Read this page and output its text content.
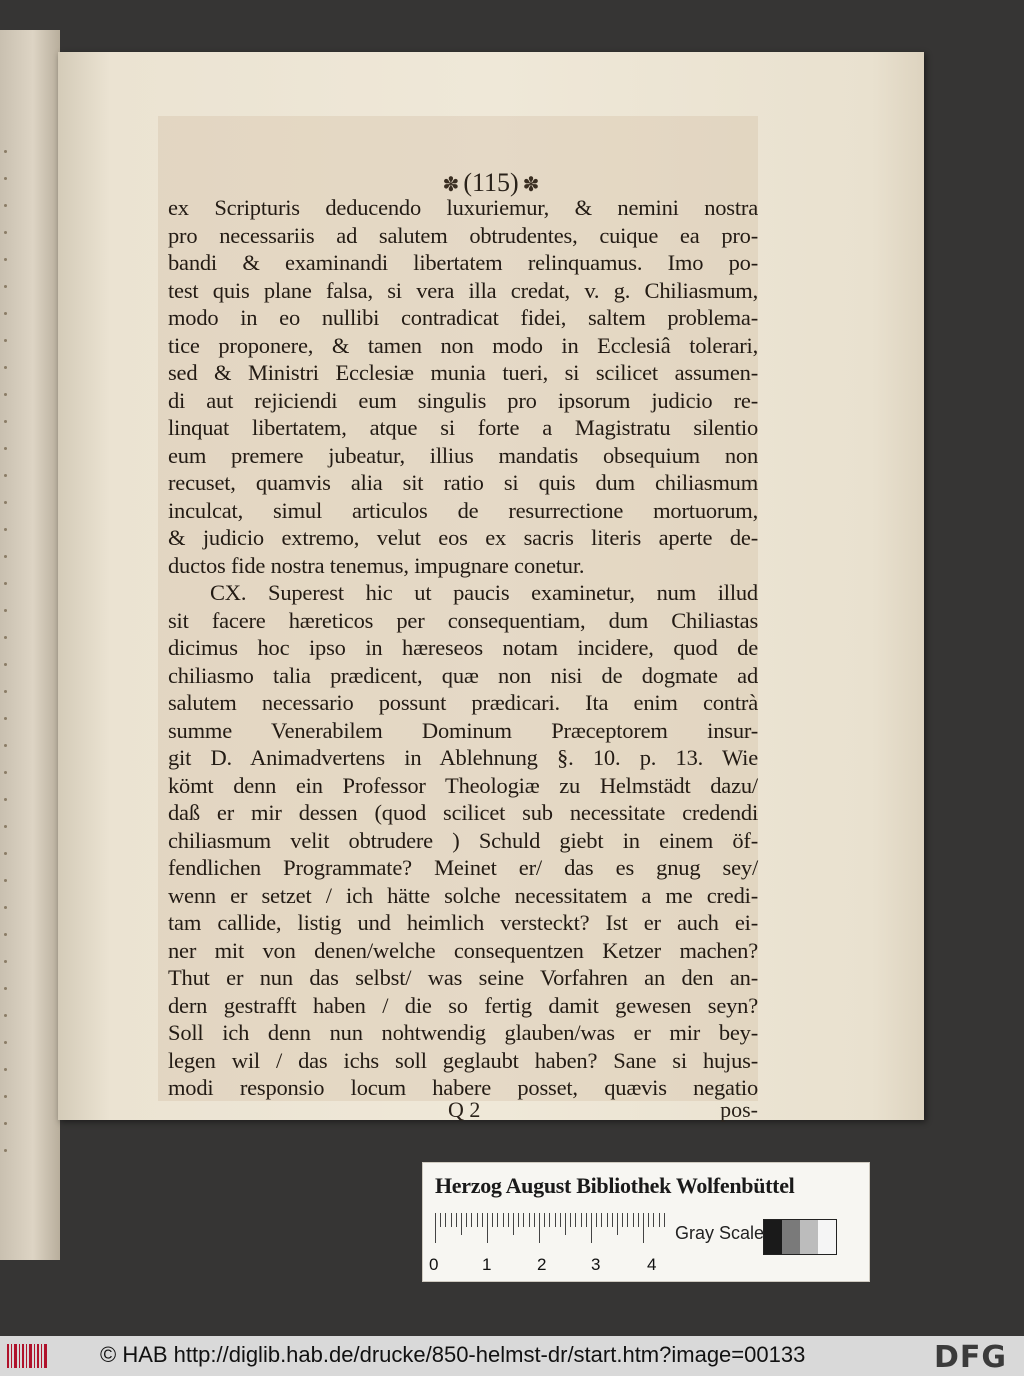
✽ (115) ✽
ex Scripturis deducendo luxuriemur, & nemini nostra
pro necessariis ad salutem obtrudentes, cuique ea pro-
bandi & examinandi libertatem relinquamus. Imo po-
test quis plane falsa, si vera illa credat, v. g. Chiliasmum,
modo in eo nullibi contradicat fidei, saltem problema-
tice proponere, & tamen non modo in Ecclesiâ tolerari,
sed & Ministri Ecclesiæ munia tueri, si scilicet assumen-
di aut rejiciendi eum singulis pro ipsorum judicio re-
linquat libertatem, atque si forte a Magistratu silentio
eum premere jubeatur, illius mandatis obsequium non
recuset, quamvis alia sit ratio si quis dum chiliasmum
inculcat, simul articulos de resurrectione mortuorum,
& judicio extremo, velut eos ex sacris literis aperte de-
ductos fide nostra tenemus, impugnare conetur.
CX. Superest hic ut paucis examinetur, num illud
sit facere hæreticos per consequentiam, dum Chiliastas
dicimus hoc ipso in hæreseos notam incidere, quod de
chiliasmo talia prædicent, quæ non nisi de dogmate ad
salutem necessario possunt prædicari. Ita enim contrà
summe Venerabilem Dominum Præceptorem insur-
git D. Animadvertens in Ablehnung §. 10. p. 13. Wie
kömt denn ein Professor Theologiæ zu Helmstädt dazu/
daß er mir dessen (quod scilicet sub necessitate credendi
chiliasmum velit obtrudere ) Schuld giebt in einem öf-
fendlichen Programmate? Meinet er/ das es gnug sey/
wenn er setzet / ich hätte solche necessitatem a me credi-
tam callide, listig und heimlich versteckt? Ist er auch ei-
ner mit von denen/welche consequentzen Ketzer machen?
Thut er nun das selbst/ was seine Vorfahren an den an-
dern gestrafft haben / die so fertig damit gewesen seyn?
Soll ich denn nun nohtwendig glauben/was er mir bey-
legen wil / das ichs soll geglaubt haben? Sane si hujus-
modi responsio locum habere posset, quævis negatio
Q 2	pos-
Herzog August Bibliothek Wolfenbüttel
0	1	2	3	4
Gray Scale
© HAB http://diglib.hab.de/drucke/850-helmst-dr/start.htm?image=00133	DFG
